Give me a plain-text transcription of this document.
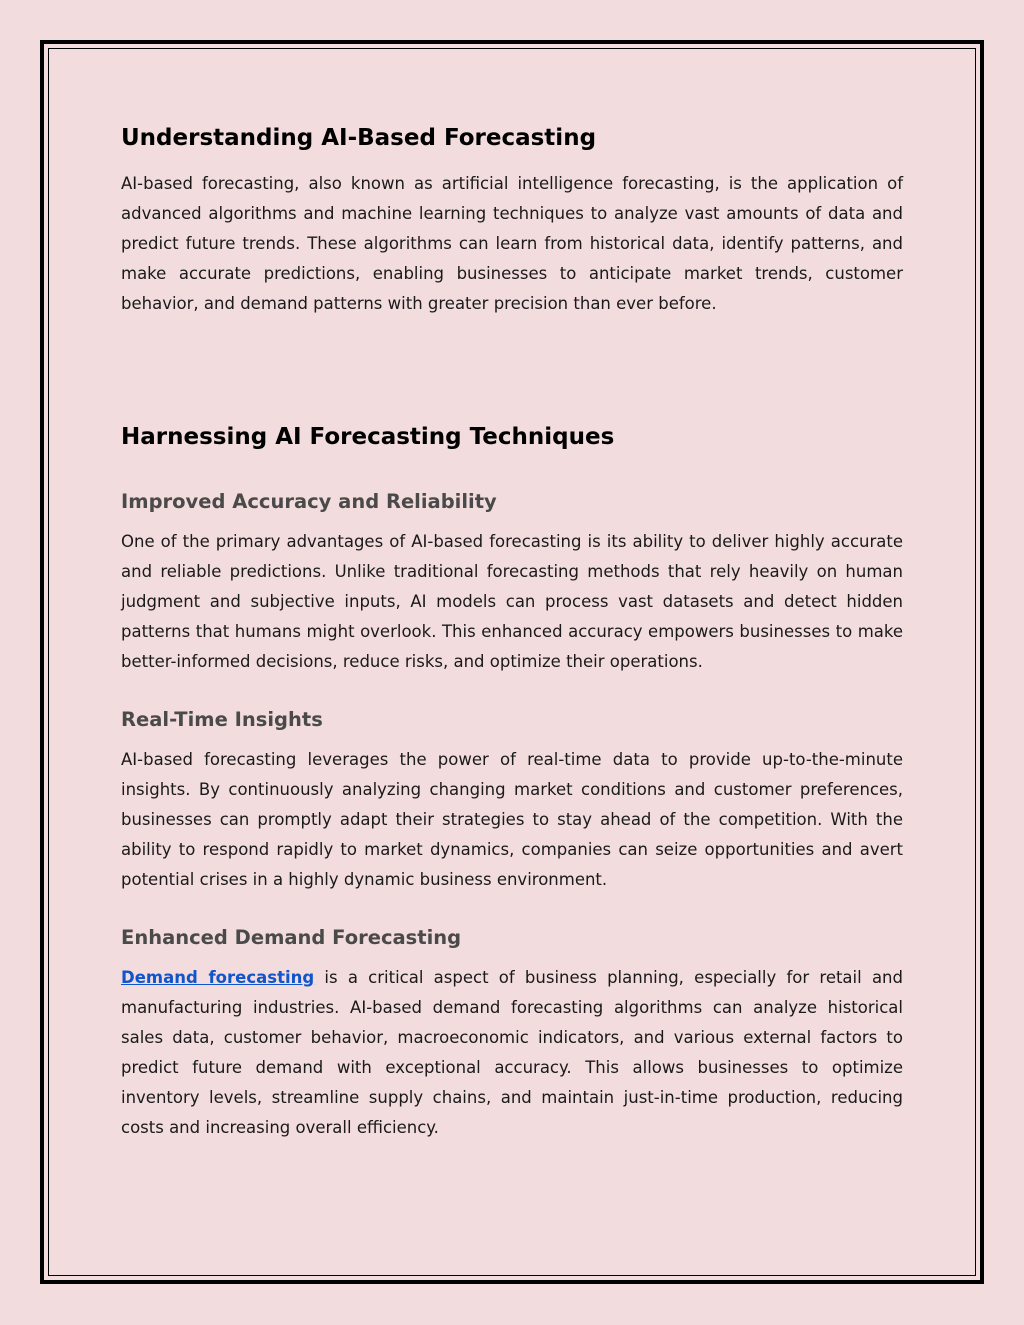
Understanding AI-Based Forecasting

AI-based forecasting, also known as artificial intelligence forecasting, is the application of advanced algorithms and machine learning techniques to analyze vast amounts of data and predict future trends. These algorithms can learn from historical data, identify patterns, and make accurate predictions, enabling businesses to anticipate market trends, customer behavior, and demand patterns with greater precision than ever before.

Harnessing AI Forecasting Techniques
Improved Accuracy and Reliability

One of the primary advantages of AI-based forecasting is its ability to deliver highly accurate and reliable predictions. Unlike traditional forecasting methods that rely heavily on human judgment and subjective inputs, AI models can process vast datasets and detect hidden patterns that humans might overlook. This enhanced accuracy empowers businesses to make better-informed decisions, reduce risks, and optimize their operations.

Real-Time Insights

AI-based forecasting leverages the power of real-time data to provide up-to-the-minute insights. By continuously analyzing changing market conditions and customer preferences, businesses can promptly adapt their strategies to stay ahead of the competition. With the ability to respond rapidly to market dynamics, companies can seize opportunities and avert potential crises in a highly dynamic business environment.

Enhanced Demand Forecasting

Demand forecasting is a critical aspect of business planning, especially for retail and manufacturing industries. AI-based demand forecasting algorithms can analyze historical sales data, customer behavior, macroeconomic indicators, and various external factors to predict future demand with exceptional accuracy. This allows businesses to optimize inventory levels, streamline supply chains, and maintain just-in-time production, reducing costs and increasing overall efficiency.
